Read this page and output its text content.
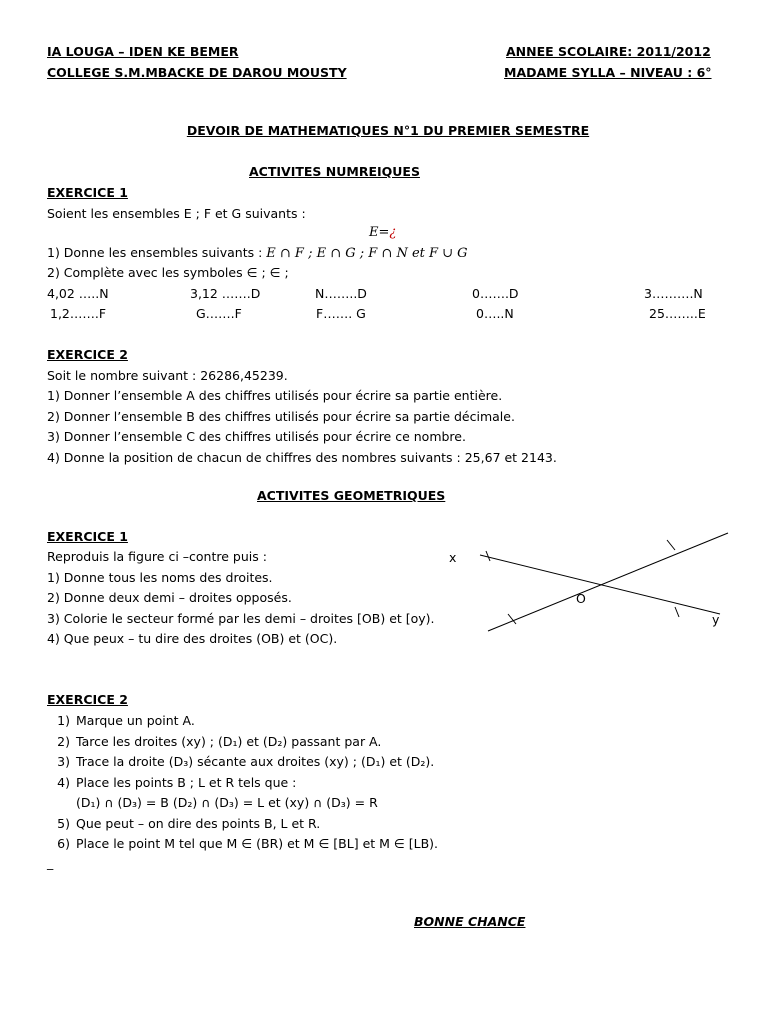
IA LOUGA – IDEN KE BEMER
COLLEGE S.M.MBACKE DE DAROU MOUSTY
ANNEE SCOLAIRE: 2011/2012
MADAME SYLLA – NIVEAU : 6°
DEVOIR DE MATHEMATIQUES N°1 DU PREMIER SEMESTRE
ACTIVITES NUMREIQUES
EXERCICE 1
Soient les ensembles E ; F et G suivants :
E=¿
1) Donne les ensembles suivants : E ∩ F ; E ∩ G ; F ∩ N et F ∪ G
2) Complète avec les symboles ∈ ; ∈ ;
4,02 …..N	3,12 …….D	N……..D	0…….D	3……….N
1,2…….F	G…….F	F……. G	0…..N	25……..E
EXERCICE 2
Soit le nombre suivant : 26286,45239.
1) Donner l’ensemble A des chiffres utilisés pour écrire sa partie entière.
2) Donner l’ensemble B des chiffres utilisés pour écrire sa partie décimale.
3) Donner l’ensemble C des chiffres utilisés pour écrire ce nombre.
4) Donne la position de chacun de chiffres des nombres suivants : 25,67 et 2143.
ACTIVITES GEOMETRIQUES
EXERCICE 1
Reproduis la figure ci –contre puis :
1) Donne tous les noms des droites.
2) Donne deux demi – droites opposés.
3) Colorie le secteur formé par les demi – droites [OB) et [oy).
4) Que peux – tu dire des droites (OB) et (OC).
x
O
y
EXERCICE 2
1) Marque un point A.
2) Tarce les droites (xy) ; (D₁) et (D₂) passant par A.
3) Trace la droite (D₃) sécante aux droites (xy) ; (D₁) et (D₂).
4) Place les points B ; L et R tels que :
(D₁) ∩ (D₃) = B (D₂) ∩ (D₃) = L et (xy) ∩ (D₃) = R
5) Que peut – on dire des points B, L et R.
6) Place le point M tel que M ∈ (BR) et M ∈ [BL] et M ∈ [LB).
_
BONNE CHANCE
